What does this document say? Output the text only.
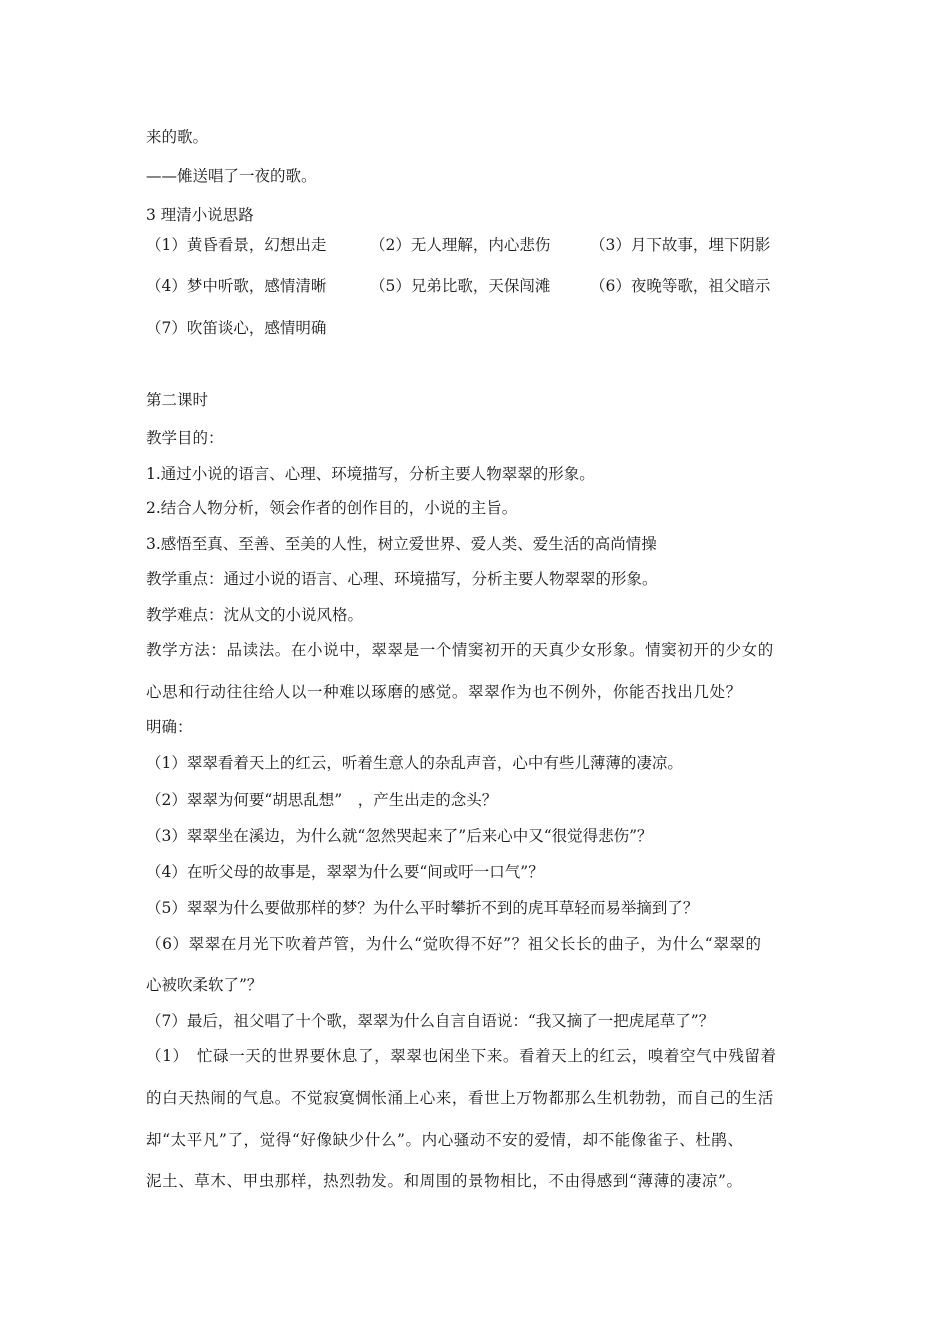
来的歌。
——傩送唱了一夜的歌。
3 理清小说思路
（1）黄昏看景，幻想出走	（2）无人理解，内心悲伤	（3）月下故事，埋下阴影
（4）梦中听歌，感情清晰	（5）兄弟比歌，天保闯滩	（6）夜晚等歌，祖父暗示
（7）吹笛谈心，感情明确
第二课时
教学目的：
1.通过小说的语言、心理、环境描写，分析主要人物翠翠的形象。
2.结合人物分析，领会作者的创作目的，小说的主旨。
3.感悟至真、至善、至美的人性，树立爱世界、爱人类、爱生活的高尚情操
教学重点：通过小说的语言、心理、环境描写，分析主要人物翠翠的形象。
教学难点：沈从文的小说风格。
教学方法：品读法。在小说中，翠翠是一个情窦初开的天真少女形象。情窦初开的少女的
心思和行动往往给人以一种难以琢磨的感觉。翠翠作为也不例外，你能否找出几处？
明确：
（1）翠翠看着天上的红云，听着生意人的杂乱声音，心中有些儿薄薄的凄凉。
（2）翠翠为何要“胡思乱想”　，产生出走的念头？
（3）翠翠坐在溪边，为什么就“忽然哭起来了”后来心中又“很觉得悲伤”？
（4）在听父母的故事是，翠翠为什么要“间或吁一口气”？
（5）翠翠为什么要做那样的梦？为什么平时攀折不到的虎耳草轻而易举摘到了？
（6）翠翠在月光下吹着芦管，为什么“觉吹得不好”？祖父长长的曲子，为什么“翠翠的
心被吹柔软了”？
（7）最后，祖父唱了十个歌，翠翠为什么自言自语说：“我又摘了一把虎尾草了”？
（1）　忙碌一天的世界要休息了，翠翠也闲坐下来。看着天上的红云，嗅着空气中残留着
的白天热闹的气息。不觉寂寞惆怅涌上心来，看世上万物都那么生机勃勃，而自己的生活
却“太平凡”了，觉得“好像缺少什么”。内心骚动不安的爱情，却不能像雀子、杜鹃、
泥土、草木、甲虫那样，热烈勃发。和周围的景物相比，不由得感到“薄薄的凄凉”。
